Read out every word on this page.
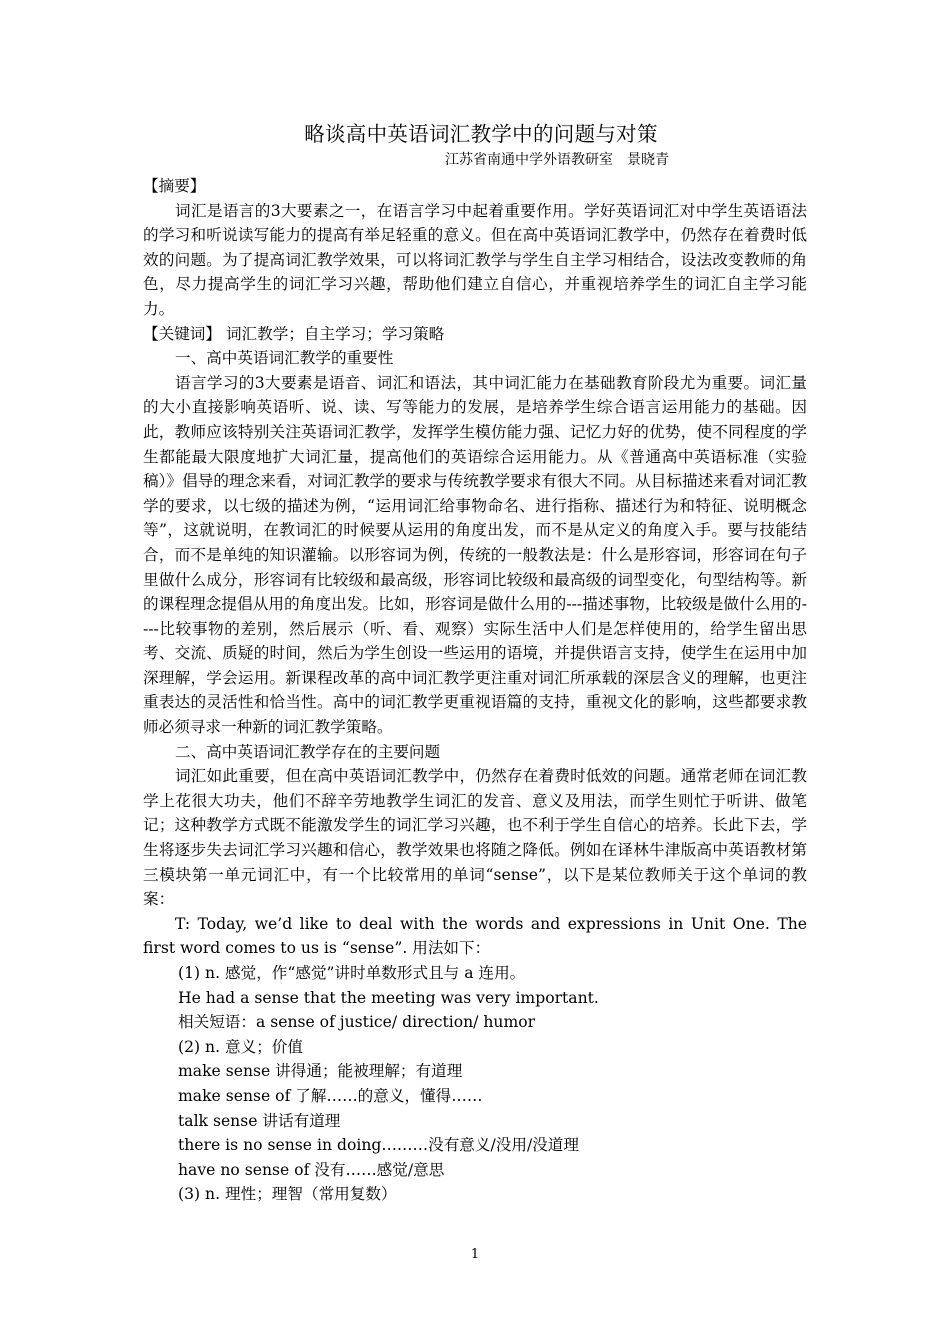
略谈高中英语词汇教学中的问题与对策
江苏省南通中学外语教研室　景晓青
【摘要】

词汇是语言的3大要素之一，在语言学习中起着重要作用。学好英语词汇对中学生英语语法的学习和听说读写能力的提高有举足轻重的意义。但在高中英语词汇教学中，仍然存在着费时低效的问题。为了提高词汇教学效果，可以将词汇教学与学生自主学习相结合，设法改变教师的角色，尽力提高学生的词汇学习兴趣，帮助他们建立自信心，并重视培养学生的词汇自主学习能力。

【关键词】 词汇教学；自主学习；学习策略

一、高中英语词汇教学的重要性

语言学习的3大要素是语音、词汇和语法，其中词汇能力在基础教育阶段尤为重要。词汇量的大小直接影响英语听、说、读、写等能力的发展，是培养学生综合语言运用能力的基础。因此，教师应该特别关注英语词汇教学，发挥学生模仿能力强、记忆力好的优势，使不同程度的学生都能最大限度地扩大词汇量，提高他们的英语综合运用能力。从《普通高中英语标准（实验稿）》倡导的理念来看，对词汇教学的要求与传统教学要求有很大不同。从目标描述来看对词汇教学的要求，以七级的描述为例，“运用词汇给事物命名、进行指称、描述行为和特征、说明概念等”，这就说明，在教词汇的时候要从运用的角度出发，而不是从定义的角度入手。要与技能结合，而不是单纯的知识灌输。以形容词为例，传统的一般教法是：什么是形容词，形容词在句子里做什么成分，形容词有比较级和最高级，形容词比较级和最高级的词型变化，句型结构等。新的课程理念提倡从用的角度出发。比如，形容词是做什么用的---描述事物，比较级是做什么用的----比较事物的差别，然后展示（听、看、观察）实际生活中人们是怎样使用的，给学生留出思考、交流、质疑的时间，然后为学生创设一些运用的语境，并提供语言支持，使学生在运用中加深理解，学会运用。新课程改革的高中词汇教学更注重对词汇所承载的深层含义的理解，也更注重表达的灵活性和恰当性。高中的词汇教学更重视语篇的支持，重视文化的影响，这些都要求教师必须寻求一种新的词汇教学策略。

二、高中英语词汇教学存在的主要问题

词汇如此重要，但在高中英语词汇教学中，仍然存在着费时低效的问题。通常老师在词汇教学上花很大功夫，他们不辞辛劳地教学生词汇的发音、意义及用法，而学生则忙于听讲、做笔记；这种教学方式既不能激发学生的词汇学习兴趣，也不利于学生自信心的培养。长此下去，学生将逐步失去词汇学习兴趣和信心，教学效果也将随之降低。例如在译林牛津版高中英语教材第三模块第一单元词汇中，有一个比较常用的单词“sense”，以下是某位教师关于这个单词的教案：

T: Today, we’d like to deal with the words and expressions in Unit One. The first word comes to us is “sense”. 用法如下：

(1) n. 感觉，作“感觉”讲时单数形式且与 a 连用。
He had a sense that the meeting was very important.
相关短语：a sense of justice/ direction/ humor
(2) n. 意义；价值
make sense 讲得通；能被理解；有道理
make sense of 了解……的意义，懂得……
talk sense 讲话有道理
there is no sense in doing………没有意义/没用/没道理
have no sense of 没有……感觉/意思
(3) n. 理性；理智（常用复数）
1
